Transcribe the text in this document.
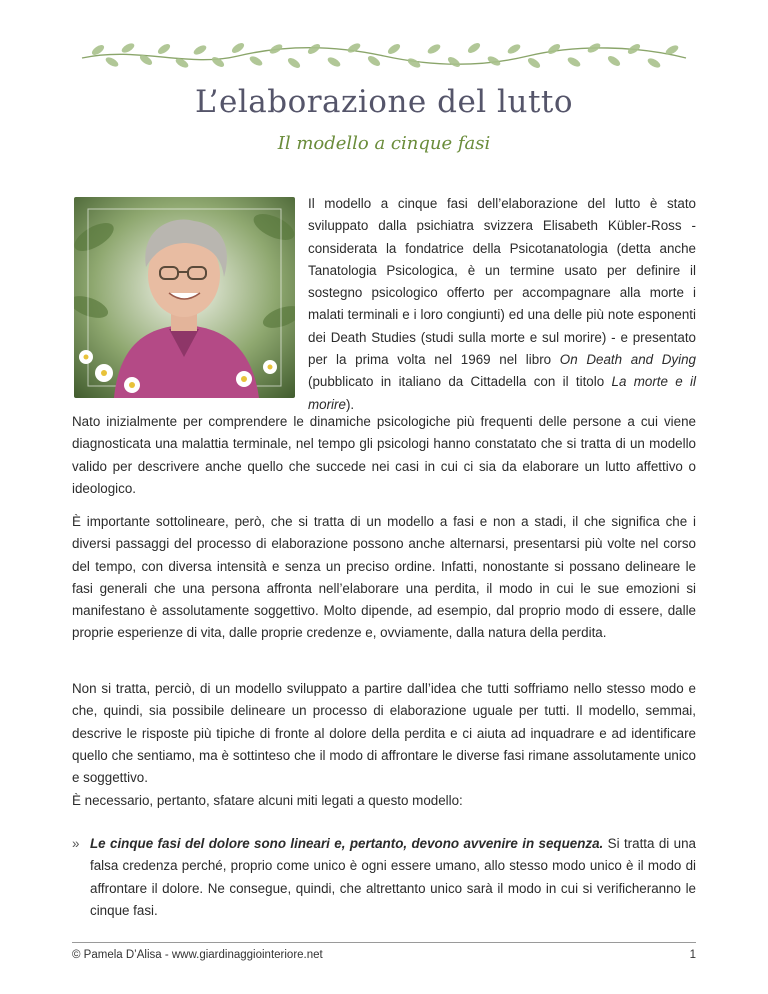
L’elaborazione del lutto
Il modello a cinque fasi

Il modello a cinque fasi dell’elaborazione del lutto è stato sviluppato dalla psichiatra svizzera Elisabeth Kübler-Ross - considerata la fondatrice della Psicotanatologia (detta anche Tanatologia Psicologica, è un termine usato per definire il sostegno psicologico offerto per accompagnare alla morte i malati terminali e i loro congiunti) ed una delle più note esponenti dei Death Studies (studi sulla morte e sul morire) - e presentato per la prima volta nel 1969 nel libro On Death and Dying (pubblicato in italiano da Cittadella con il titolo La morte e il morire).

Nato inizialmente per comprendere le dinamiche psicologiche più frequenti delle persone a cui viene diagnosticata una malattia terminale, nel tempo gli psicologi hanno constatato che si tratta di un modello valido per descrivere anche quello che succede nei casi in cui ci sia da elaborare un lutto affettivo o ideologico.

È importante sottolineare, però, che si tratta di un modello a fasi e non a stadi, il che significa che i diversi passaggi del processo di elaborazione possono anche alternarsi, presentarsi più volte nel corso del tempo, con diversa intensità e senza un preciso ordine. Infatti, nonostante si possano delineare le fasi generali che una persona affronta nell’elaborare una perdita, il modo in cui le sue emozioni si manifestano è assolutamente soggettivo. Molto dipende, ad esempio, dal proprio modo di essere, dalle proprie esperienze di vita, dalle proprie credenze e, ovviamente, dalla natura della perdita.

Non si tratta, perciò, di un modello sviluppato a partire dall’idea che tutti soffriamo nello stesso modo e che, quindi, sia possibile delineare un processo di elaborazione uguale per tutti. Il modello, semmai, descrive le risposte più tipiche di fronte al dolore della perdita e ci aiuta ad inquadrare e ad identificare quello che sentiamo, ma è sottinteso che il modo di affrontare le diverse fasi rimane assolutamente unico e soggettivo.

È necessario, pertanto, sfatare alcuni miti legati a questo modello:

» Le cinque fasi del dolore sono lineari e, pertanto, devono avvenire in sequenza. Si tratta di una falsa credenza perché, proprio come unico è ogni essere umano, allo stesso modo unico è il modo di affrontare il dolore. Ne consegue, quindi, che altrettanto unico sarà il modo in cui si verificheranno le cinque fasi.

© Pamela D’Alisa - www.giardinaggiointeriore.net	1
